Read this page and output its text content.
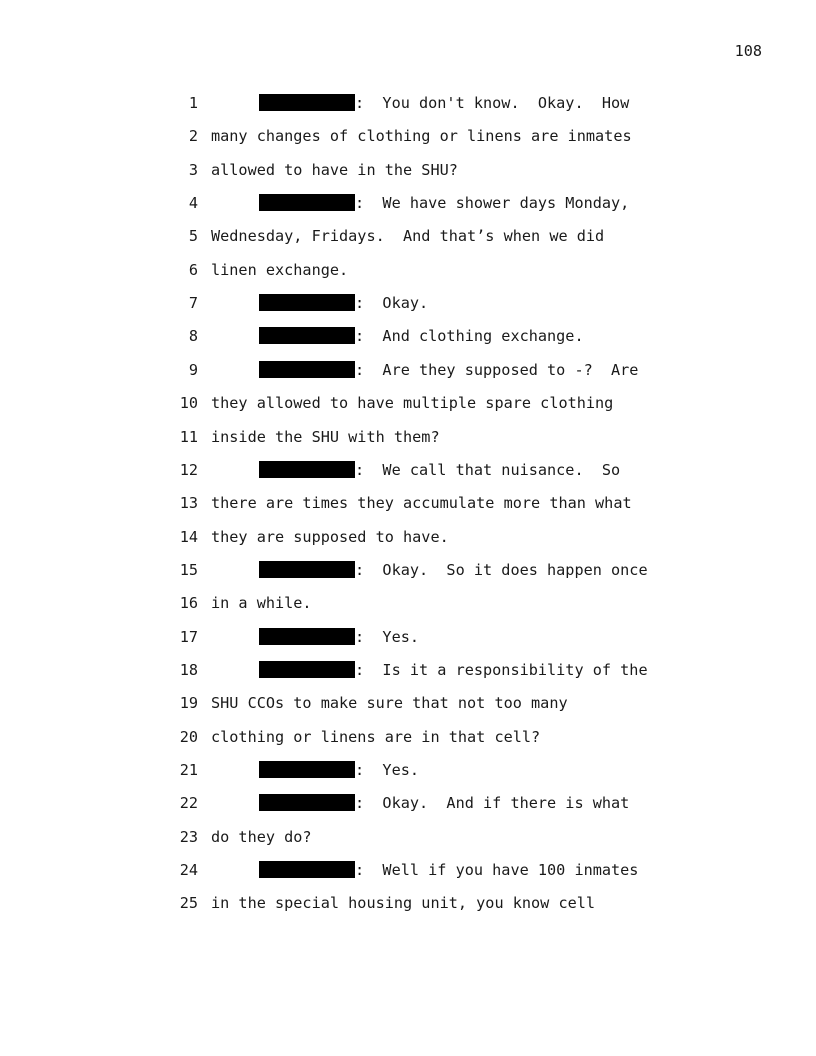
108
1	:  You don't know.  Okay.  How
2 many changes of clothing or linens are inmates
3 allowed to have in the SHU?
4	:  We have shower days Monday,
5 Wednesday, Fridays.  And that’s when we did
6 linen exchange.
7	:  Okay.
8	:  And clothing exchange.
9	:  Are they supposed to -?  Are
10 they allowed to have multiple spare clothing
11 inside the SHU with them?
12	:  We call that nuisance.  So
13 there are times they accumulate more than what
14 they are supposed to have.
15	:  Okay.  So it does happen once
16 in a while.
17	:  Yes.
18	:  Is it a responsibility of the
19 SHU CCOs to make sure that not too many
20 clothing or linens are in that cell?
21	:  Yes.
22	:  Okay.  And if there is what
23 do they do?
24	:  Well if you have 100 inmates
25 in the special housing unit, you know cell
